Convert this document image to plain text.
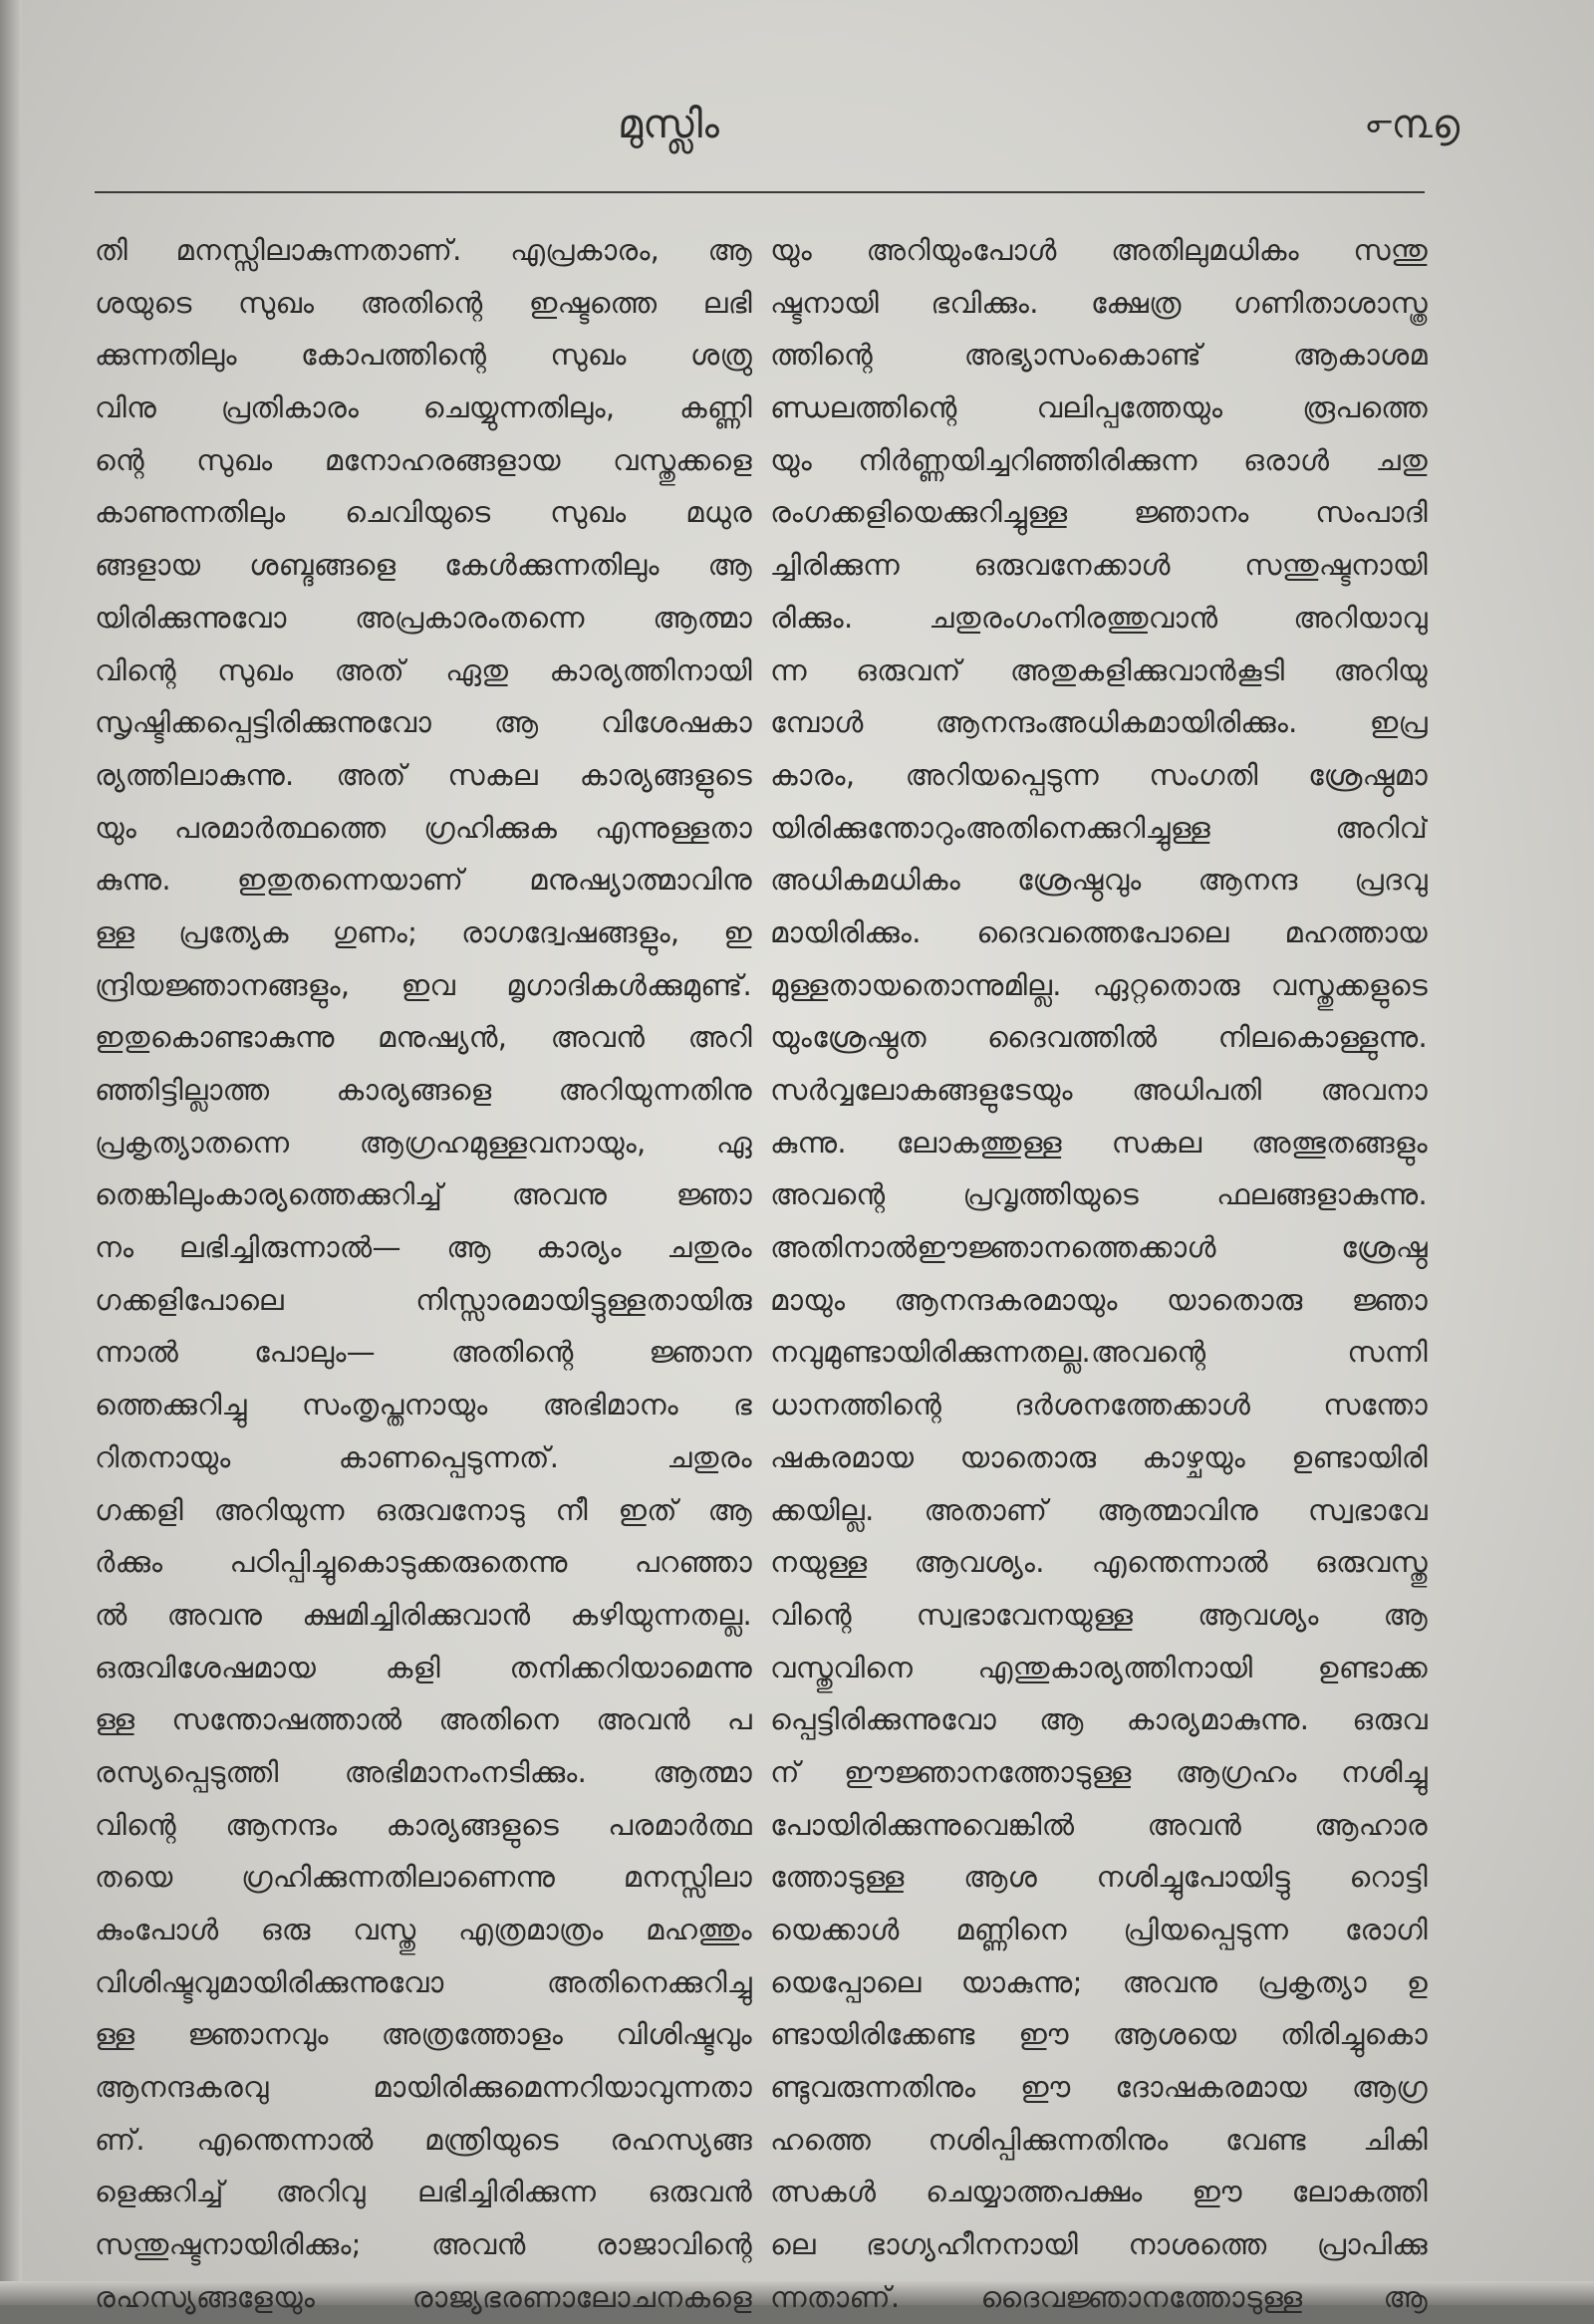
മുസ്ലിം	൳൩൭
തി മനസ്സിലാകുന്നതാണ്. എപ്രകാരം, ആ
ശയുടെ സുഖം അതിന്റെ ഇഷ്ടത്തെ ലഭി
ക്കുന്നതിലും കോപത്തിന്റെ സുഖം ശത്രു
വിനു പ്രതികാരം ചെയ്യുന്നതിലും, കണ്ണി
ന്റെ സുഖം മനോഹരങ്ങളായ വസ്തുക്കളെ
കാണുന്നതിലും ചെവിയുടെ സുഖം മധുര
ങ്ങളായ ശബ്ദങ്ങളെ കേൾക്കുന്നതിലും ആ
യിരിക്കുന്നുവോ അപ്രകാരംതന്നെ ആത്മാ
വിന്റെ സുഖം അത് ഏതു കാര്യത്തിനായി
സൃഷ്ടിക്കപ്പെട്ടിരിക്കുന്നുവോ ആ വിശേഷകാ
ര്യത്തിലാകുന്നു. അത് സകല കാര്യങ്ങളുടെ
യും പരമാർത്ഥത്തെ ഗ്രഹിക്കുക എന്നുള്ളതാ
കുന്നു. ഇതുതന്നെയാണ് മനുഷ്യാത്മാവിനു
ള്ള പ്രത്യേക ഗുണം; രാഗദ്വേഷങ്ങളും, ഇ
ന്ദ്രിയജ്ഞാനങ്ങളും, ഇവ മൃഗാദികൾക്കുമുണ്ട്.
ഇതുകൊണ്ടാകുന്നു മനുഷ്യൻ, അവൻ അറി
ഞ്ഞിട്ടില്ലാത്ത കാര്യങ്ങളെ അറിയുന്നതിനു
പ്രകൃത്യാതന്നെ ആഗ്രഹമുള്ളവനായും, ഏ
തെങ്കിലുംകാര്യത്തെക്കുറിച്ച് അവനു ജ്ഞാ
നം ലഭിച്ചിരുന്നാൽ— ആ കാര്യം ചതുരം
ഗക്കളിപോലെ നിസ്സാരമായിട്ടുള്ളതായിരു
ന്നാൽ പോലും— അതിന്റെ ജ്ഞാന
ത്തെക്കുറിച്ചു സംതൃപ്തനായും അഭിമാനം ഭ
റിതനായും കാണപ്പെടുന്നത്. ചതുരം
ഗക്കളി അറിയുന്ന ഒരുവനോടു നീ ഇത് ആ
ർക്കും പഠിപ്പിച്ചുകൊടുക്കരുതെന്നു പറഞ്ഞാ
ൽ അവനു ക്ഷമിച്ചിരിക്കുവാൻ കഴിയുന്നതല്ല.
ഒരുവിശേഷമായ കളി തനിക്കറിയാമെന്നു
ള്ള സന്തോഷത്താൽ അതിനെ അവൻ പ
രസ്യപ്പെടുത്തി അഭിമാനംനടിക്കും. ആത്മാ
വിന്റെ ആനന്ദം കാര്യങ്ങളുടെ പരമാർത്ഥ
തയെ ഗ്രഹിക്കുന്നതിലാണെന്നു മനസ്സിലാ
കുംപോൾ ഒരു വസ്തു എത്രമാത്രം മഹത്തും
വിശിഷ്ടവുമായിരിക്കുന്നുവോ അതിനെക്കുറിച്ചു
ള്ള ജ്ഞാനവും അത്രത്തോളം വിശിഷ്ടവും
ആനന്ദകരവു മായിരിക്കുമെന്നറിയാവുന്നതാ
ണ്. എന്തെന്നാൽ മന്ത്രിയുടെ രഹസ്യങ്ങ
ളെക്കുറിച്ച് അറിവു ലഭിച്ചിരിക്കുന്ന ഒരുവൻ
സന്തുഷ്ടനായിരിക്കും; അവൻ രാജാവിന്റെ
രഹസ്യങ്ങളേയും രാജ്യഭരണാലോചനകളെ
യും അറിയുംപോൾ അതിലുമധികം സന്തു
ഷ്ടനായി ഭവിക്കും. ക്ഷേത്ര ഗണിതാശാസ്ത്ര
ത്തിന്റെ അഭ്യാസംകൊണ്ട് ആകാശമ
ണ്ഡലത്തിന്റെ വലിപ്പത്തേയും രൂപത്തെ
യും നിർണ്ണയിച്ചറിഞ്ഞിരിക്കുന്ന ഒരാൾ ചതു
രംഗക്കളിയെക്കുറിച്ചുള്ള ജ്ഞാനം സംപാദി
ച്ചിരിക്കുന്ന ഒരുവനേക്കാൾ സന്തുഷ്ടനായി
രിക്കും. ചതുരംഗംനിരത്തുവാൻ അറിയാവു
ന്ന ഒരുവന് അതുകളിക്കുവാൻകൂടി അറിയു
മ്പോൾ ആനന്ദംഅധികമായിരിക്കും. ഇപ്ര
കാരം, അറിയപ്പെടുന്ന സംഗതി ശ്രേഷ്ഠമാ
യിരിക്കുന്തോറുംഅതിനെക്കുറിച്ചുള്ള അറിവ്
അധികമധികം ശ്രേഷ്ഠവും ആനന്ദ പ്രദവു
മായിരിക്കും. ദൈവത്തെപോലെ മഹത്തായ
മുള്ളതായതൊന്നുമില്ല. ഏറ്റതൊരു വസ്തുക്കളുടെ
യുംശ്രേഷ്ഠത ദൈവത്തിൽ നിലകൊള്ളുന്നു.
സർവ്വലോകങ്ങളുടേയും അധിപതി അവനാ
കുന്നു. ലോകത്തുള്ള സകല അത്ഭുതങ്ങളും
അവന്റെ പ്രവൃത്തിയുടെ ഫലങ്ങളാകുന്നു.
അതിനാൽഈജ്ഞാനത്തെക്കാൾ ശ്രേഷ്ഠ
മായും ആനന്ദകരമായും യാതൊരു ജ്ഞാ
നവുമുണ്ടായിരിക്കുന്നതല്ല.അവന്റെ സന്നി
ധാനത്തിന്റെ ദർശനത്തേക്കാൾ സന്തോ
ഷകരമായ യാതൊരു കാഴ്ചയും ഉണ്ടായിരി
ക്കയില്ല. അതാണ് ആത്മാവിനു സ്വഭാവേ
നയുള്ള ആവശ്യം. എന്തെന്നാൽ ഒരുവസ്തു
വിന്റെ സ്വഭാവേനയുള്ള ആവശ്യം ആ
വസ്തുവിനെ എന്തുകാര്യത്തിനായി ഉണ്ടാക്ക
പ്പെട്ടിരിക്കുന്നുവോ ആ കാര്യമാകുന്നു. ഒരുവ
ന് ഈജ്ഞാനത്തോടുള്ള ആഗ്രഹം നശിച്ചു
പോയിരിക്കുന്നുവെങ്കിൽ അവൻ ആഹാര
ത്തോടുള്ള ആശ നശിച്ചുപോയിട്ടു റൊട്ടി
യെക്കാൾ മണ്ണിനെ പ്രിയപ്പെടുന്ന രോഗി
യെപ്പോലെ യാകുന്നു; അവനു പ്രകൃത്യാ ഉ
ണ്ടായിരിക്കേണ്ട ഈ ആശയെ തിരിച്ചുകൊ
ണ്ടുവരുന്നതിനും ഈ ദോഷകരമായ ആഗ്ര
ഹത്തെ നശിപ്പിക്കുന്നതിനും വേണ്ട ചികി
ത്സകൾ ചെയ്യാത്തപക്ഷം ഈ ലോകത്തി
ലെ ഭാഗ്യഹീനനായി നാശത്തെ പ്രാപിക്കു
ന്നതാണ്. ദൈവജ്ഞാനത്തോടുള്ള ആ
